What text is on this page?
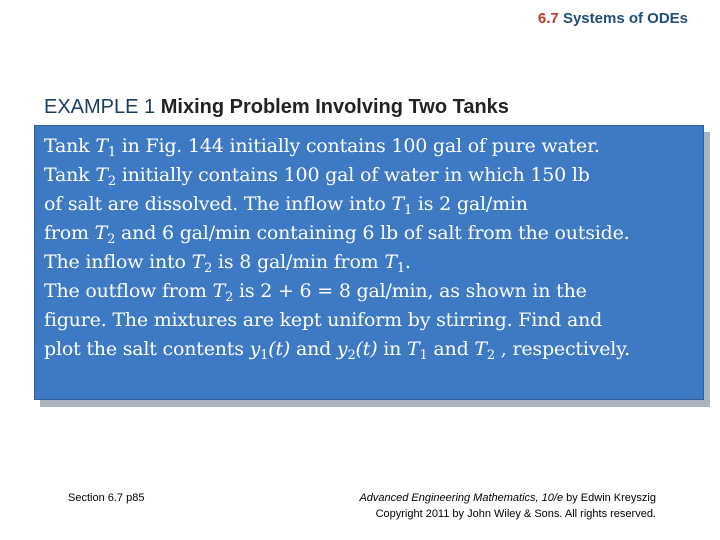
6.7 Systems of ODEs
EXAMPLE 1 Mixing Problem Involving Two Tanks
Tank $T_1$ in Fig. 144 initially contains 100 gal of pure water.
Tank $T_2$ initially contains 100 gal of water in which 150 lb
of salt are dissolved. The inflow into $T_1$ is 2 gal/min
from $T_2$ and 6 gal/min containing 6 lb of salt from the outside.
The inflow into $T_2$ is 8 gal/min from $T_1$.
The outflow from $T_2$ is 2 + 6 = 8 gal/min, as shown in the
figure. The mixtures are kept uniform by stirring. Find and
plot the salt contents $y_1(t)$ and $y_2(t)$ in $T_1$ and $T_2$ , respectively.
Section 6.7 p85	Advanced Engineering Mathematics, 10/e by Edwin Kreyszig
Copyright 2011 by John Wiley & Sons. All rights reserved.
